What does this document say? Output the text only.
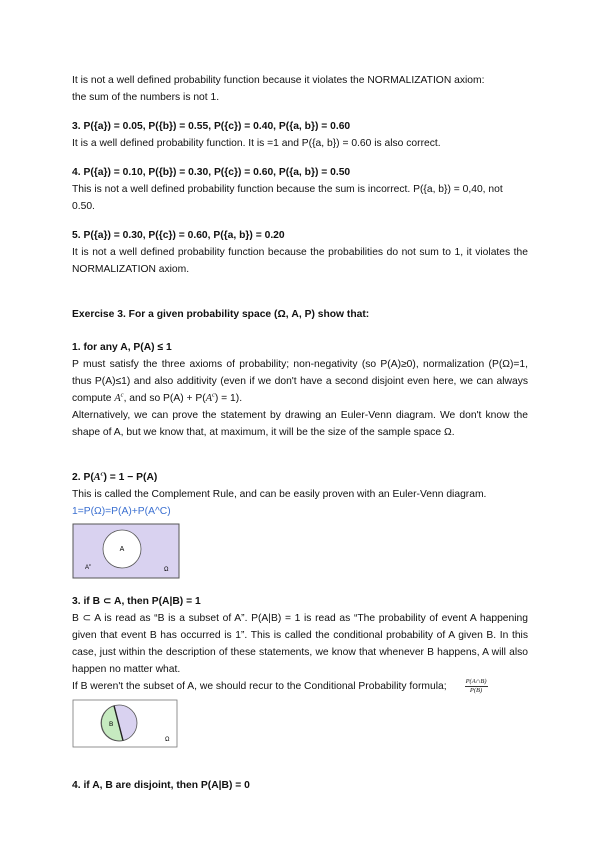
It is not a well defined probability function because it violates the NORMALIZATION axiom:

the sum of the numbers is not 1.

3. P({a}) = 0.05, P({b}) = 0.55, P({c}) = 0.40, P({a, b}) = 0.60

It is a well defined probability function. It is =1 and P({a, b}) = 0.60 is also correct.

4. P({a}) = 0.10, P({b}) = 0.30, P({c}) = 0.60, P({a, b}) = 0.50

This is not a well defined probability function because the sum is incorrect. P({a, b}) = 0,40, not 0.50.

5. P({a}) = 0.30, P({c}) = 0.60, P({a, b}) = 0.20

It is not a well defined probability function because the probabilities do not sum to 1, it violates the NORMALIZATION axiom.

Exercise 3. For a given probability space (Ω, A, P) show that:

1. for any A, P(A) ≤ 1

P must satisfy the three axioms of probability; non-negativity (so P(A)≥0), normalization (P(Ω)=1, thus P(A)≤1) and also additivity (even if we don't have a second disjoint even here, we can always compute $A^c$, and so $P(A) + P(A^c) = 1$).

Alternatively, we can prove the statement by drawing an Euler-Venn diagram. We don't know the shape of A, but we know that, at maximum, it will be the size of the sample space Ω.

2. $P(A^c) = 1 - P(A)$

This is called the Complement Rule, and can be easily proven with an Euler-Venn diagram.

1=P(Ω)=P(A)+P(A^C)

A
$A^c$
Ω

3. if B ⊂ A, then P(A|B) = 1

B ⊂ A is read as “B is a subset of A”. P(A|B) = 1 is read as “The probability of event A happening given that event B has occurred is 1”. This is called the conditional probability of A given B. In this case, just within the description of these statements, we know that whenever B happens, A will also happen no matter what.

If B weren't the subset of A, we should recur to the Conditional Probability formula;	$\frac{P(A\cap B)}{P(B)}$

B
Ω

4. if A, B are disjoint, then P(A|B) = 0
